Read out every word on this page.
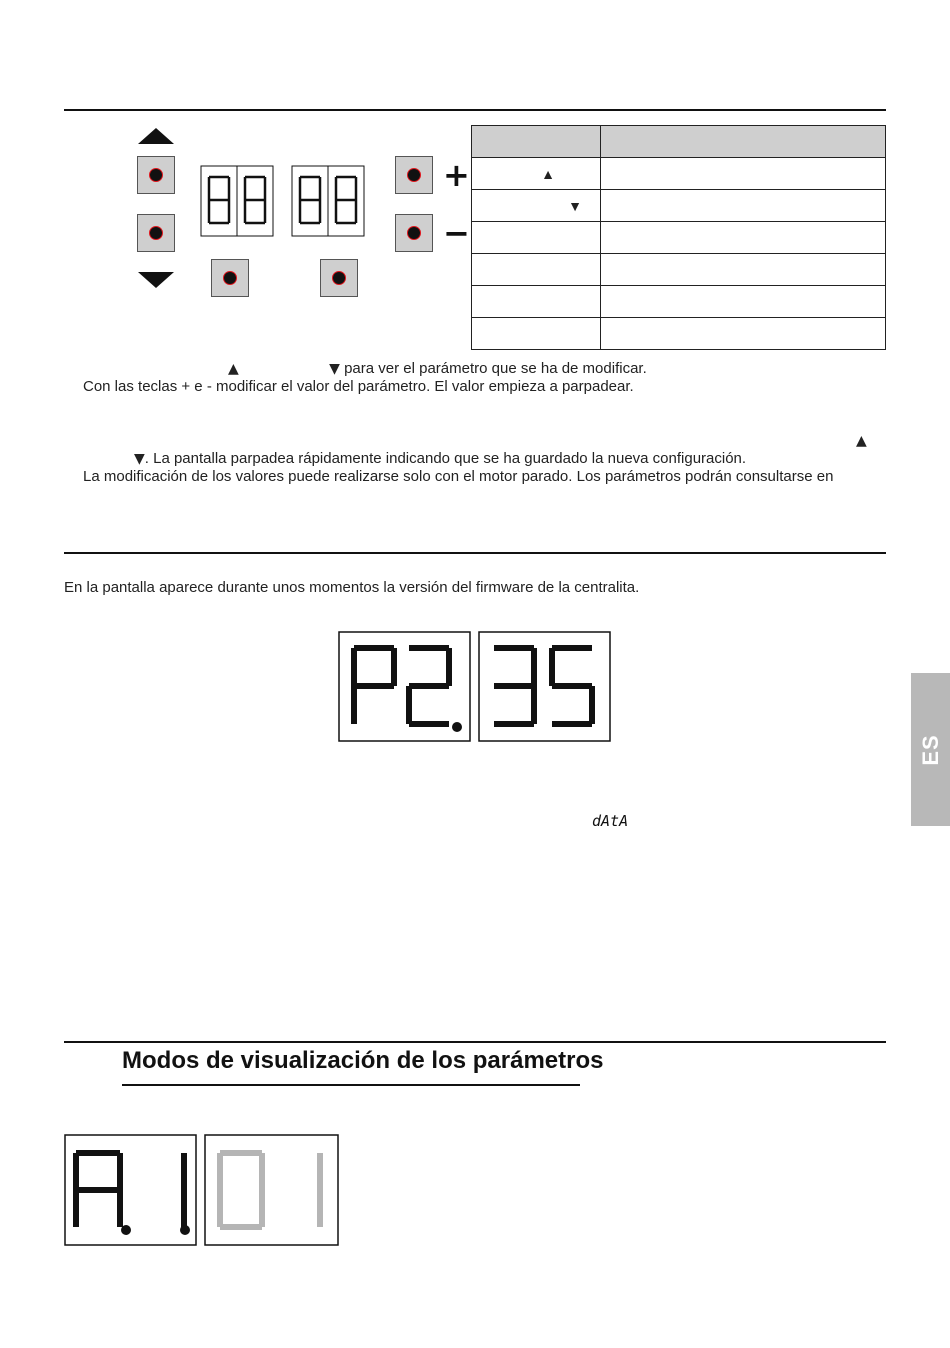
+
−

▲	
▼	

▲	▼ para ver el parámetro que se ha de modificar.
Con las teclas + e - modificar el valor del parámetro. El valor empieza a parpadear.
▲
▼. La pantalla parpadea rápidamente indicando que se ha guardado la nueva configuración.
La modificación de los valores puede realizarse solo con el motor parado. Los parámetros podrán consultarse en
En la pantalla aparece durante unos momentos la versión del firmware de la centralita.
dAtA
ES
Modos de visualización de los parámetros
